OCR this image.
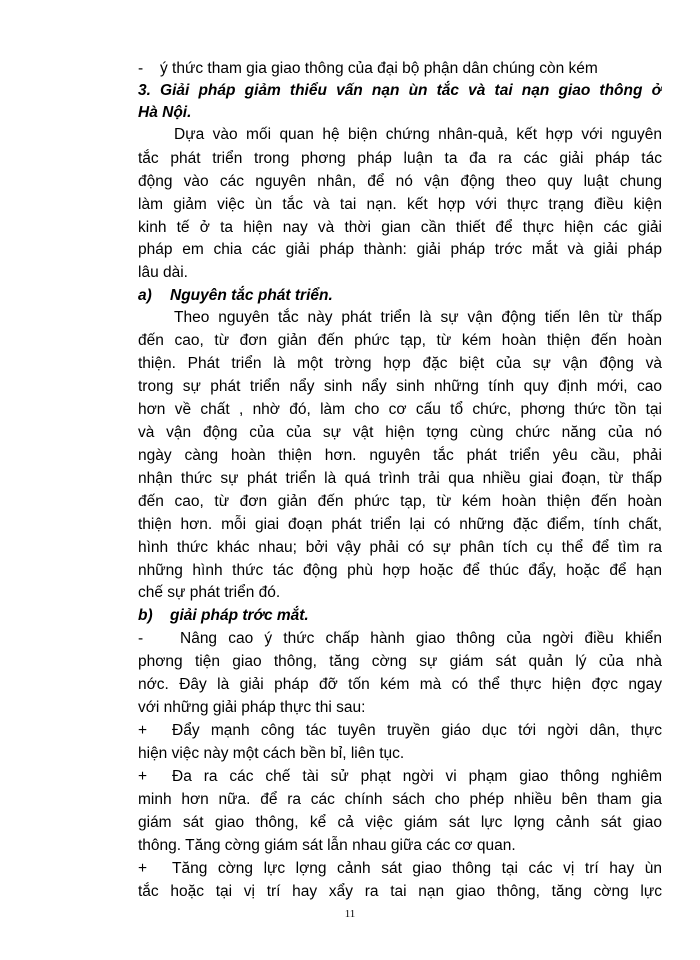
- ý thức tham gia giao thông của đại bộ phận dân chúng còn kém
3. Giải pháp giảm thiểu vấn nạn ùn tắc và tai nạn giao thông ở
Hà Nội.
Dựa vào mối quan hệ biện chứng nhân-quả, kết hợp với nguyên
tắc phát triển trong phơng pháp luận ta đa ra các giải pháp tác
động vào các nguyên nhân, để nó vận động theo quy luật chung
làm giảm việc ùn tắc và tai nạn. kết hợp với thực trạng điều kiện
kinh tế ở ta hiện nay và thời gian cần thiết để thực hiện các giải
pháp em chia các giải pháp thành: giải pháp trớc mắt và giải pháp
lâu dài.
a) Nguyên tắc phát triển.
Theo nguyên tắc này phát triển là sự vận động tiến lên từ thấp
đến cao, từ đơn giản đến phức tạp, từ kém hoàn thiện đến hoàn
thiện. Phát triển là một trờng hợp đặc biệt của sự vận động và
trong sự phát triển nẩy sinh nẩy sinh những tính quy định mới, cao
hơn về chất , nhờ đó, làm cho cơ cấu tổ chức, phơng thức tồn tại
và vận động của của sự vật hiện tợng cùng chức năng của nó
ngày càng hoàn thiện hơn. nguyên tắc phát triển yêu cầu, phải
nhận thức sự phát triển là quá trình trải qua nhiều giai đoạn, từ thấp
đến cao, từ đơn giản đến phức tạp, từ kém hoàn thiện đến hoàn
thiện hơn. mỗi giai đoạn phát triển lại có những đặc điểm, tính chất,
hình thức khác nhau; bởi vậy phải có sự phân tích cụ thể để tìm ra
những hình thức tác động phù hợp hoặc để thúc đẩy, hoặc để hạn
chế sự phát triển đó.
b) giải pháp trớc mắt.
- Nâng cao ý thức chấp hành giao thông của ngời điều khiển
phơng tiện giao thông, tăng cờng sự giám sát quản lý của nhà
nớc. Đây là giải pháp đỡ tốn kém mà có thể thực hiện đợc ngay
với những giải pháp thực thi sau:
+ Đẩy mạnh công tác tuyên truyền giáo dục tới ngời dân, thực
hiện việc này một cách bền bỉ, liên tục.
+ Đa ra các chế tài sử phạt ngời vi phạm giao thông nghiêm
minh hơn nữa. để ra các chính sách cho phép nhiều bên tham gia
giám sát giao thông, kể cả việc giám sát lực lợng cảnh sát giao
thông. Tăng cờng giám sát lẫn nhau giữa các cơ quan.
+ Tăng cờng lực lợng cảnh sát giao thông tại các vị trí hay ùn
tắc hoặc tại vị trí hay xẩy ra tai nạn giao thông, tăng cờng lực
11
